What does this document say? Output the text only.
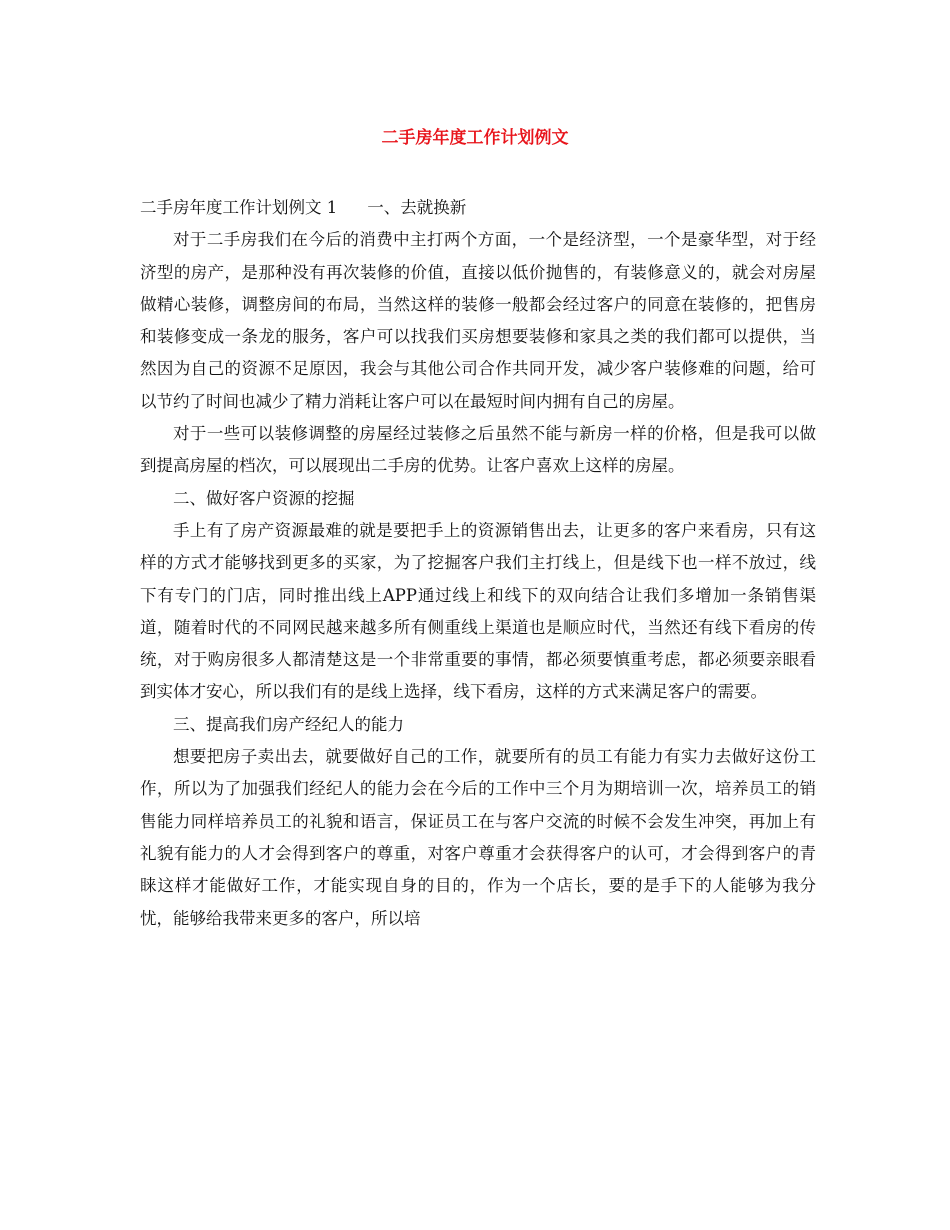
二手房年度工作计划例文

二手房年度工作计划例文 1 一、去就换新

对于二手房我们在今后的消费中主打两个方面，一个是经济型，一个是豪华型，对于经济型的房产，是那种没有再次装修的价值，直接以低价抛售的，有装修意义的，就会对房屋做精心装修，调整房间的布局，当然这样的装修一般都会经过客户的同意在装修的，把售房和装修变成一条龙的服务，客户可以找我们买房想要装修和家具之类的我们都可以提供，当然因为自己的资源不足原因，我会与其他公司合作共同开发，减少客户装修难的问题，给可以节约了时间也减少了精力消耗让客户可以在最短时间内拥有自己的房屋。

对于一些可以装修调整的房屋经过装修之后虽然不能与新房一样的价格，但是我可以做到提高房屋的档次，可以展现出二手房的优势。让客户喜欢上这样的房屋。

二、做好客户资源的挖掘

手上有了房产资源最难的就是要把手上的资源销售出去，让更多的客户来看房，只有这样的方式才能够找到更多的买家，为了挖掘客户我们主打线上，但是线下也一样不放过，线下有专门的门店，同时推出线上APP通过线上和线下的双向结合让我们多增加一条销售渠道，随着时代的不同网民越来越多所有侧重线上渠道也是顺应时代，当然还有线下看房的传统，对于购房很多人都清楚这是一个非常重要的事情，都必须要慎重考虑，都必须要亲眼看到实体才安心，所以我们有的是线上选择，线下看房，这样的方式来满足客户的需要。

三、提高我们房产经纪人的能力

想要把房子卖出去，就要做好自己的工作，就要所有的员工有能力有实力去做好这份工作，所以为了加强我们经纪人的能力会在今后的工作中三个月为期培训一次，培养员工的销售能力同样培养员工的礼貌和语言，保证员工在与客户交流的时候不会发生冲突，再加上有礼貌有能力的人才会得到客户的尊重，对客户尊重才会获得客户的认可，才会得到客户的青睐这样才能做好工作，才能实现自身的目的，作为一个店长，要的是手下的人能够为我分忧，能够给我带来更多的客户，所以培
